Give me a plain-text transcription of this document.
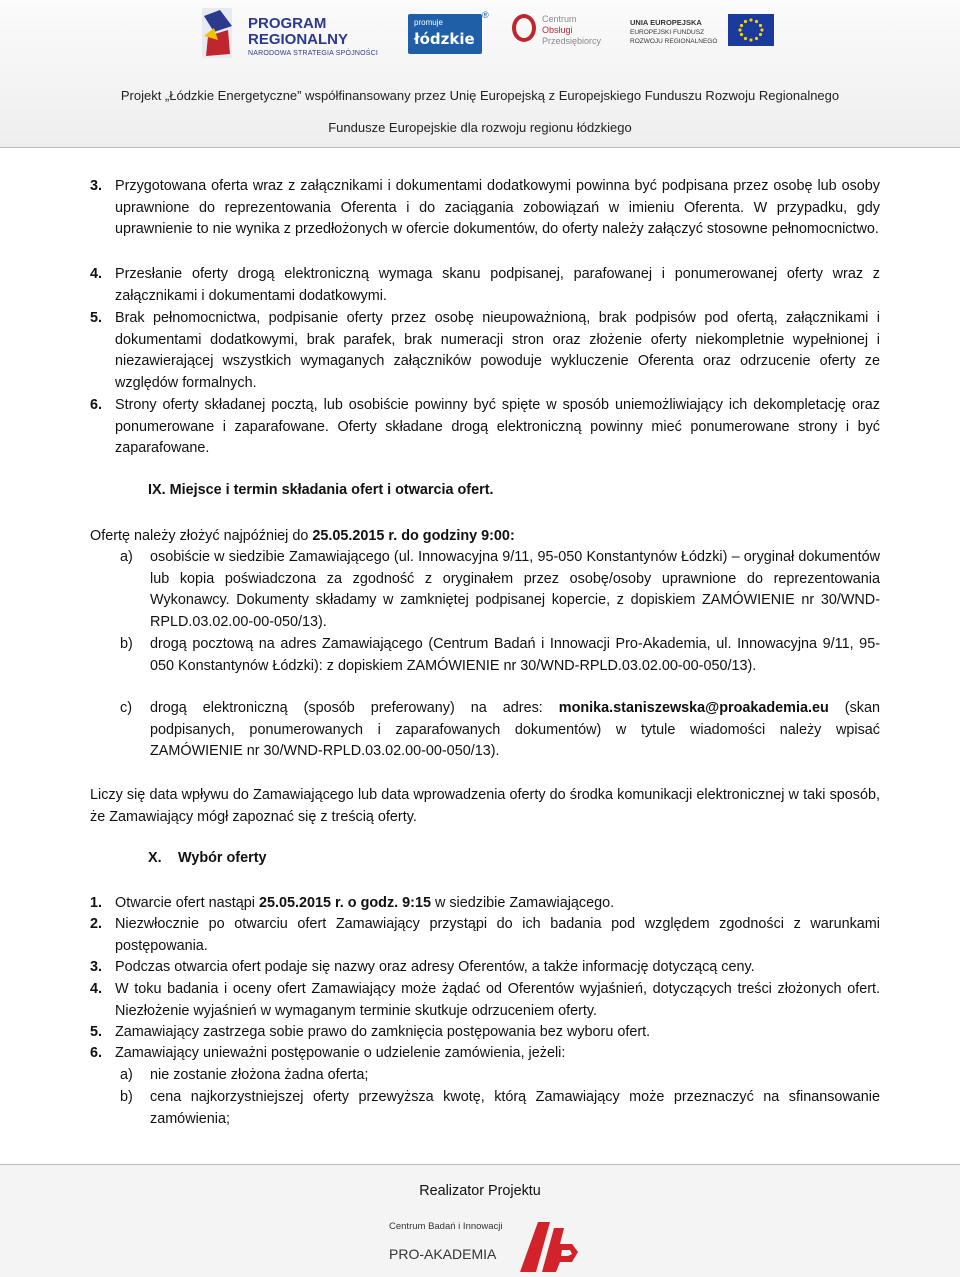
PROGRAM
REGIONALNY
NARODOWA STRATEGIA SPÓJNOŚCI
promuje
łódzkie
®	Centrum
Obsługi
Przedsiębiorcy
UNIA EUROPEJSKA
EUROPEJSKI FUNDUSZ
ROZWOJU REGIONALNEGO
Projekt „Łódzkie Energetyczne” współfinansowany przez Unię Europejską z Europejskiego Funduszu Rozwoju Regionalnego
Fundusze Europejskie dla rozwoju regionu łódzkiego
3. Przygotowana oferta wraz z załącznikami i dokumentami dodatkowymi powinna być podpisana przez osobę lub osoby uprawnione do reprezentowania Oferenta i do zaciągania zobowiązań w imieniu Oferenta. W przypadku, gdy uprawnienie to nie wynika z przedłożonych w ofercie dokumentów, do oferty należy załączyć stosowne pełnomocnictwo.
4. Przesłanie oferty drogą elektroniczną wymaga skanu podpisanej, parafowanej i ponumerowanej oferty wraz z załącznikami i dokumentami dodatkowymi.
5. Brak pełnomocnictwa, podpisanie oferty przez osobę nieupoważnioną, brak podpisów pod ofertą, załącznikami i dokumentami dodatkowymi, brak parafek, brak numeracji stron oraz złożenie oferty niekompletnie wypełnionej i niezawierającej wszystkich wymaganych załączników powoduje wykluczenie Oferenta oraz odrzucenie oferty ze względów formalnych.
6. Strony oferty składanej pocztą, lub osobiście powinny być spięte w sposób uniemożliwiający ich dekompletację oraz ponumerowane i zaparafowane. Oferty składane drogą elektroniczną powinny mieć ponumerowane strony i być zaparafowane.
IX. Miejsce i termin składania ofert i otwarcia ofert.
Ofertę należy złożyć najpóźniej do 25.05.2015 r. do godziny 9:00:
a) osobiście w siedzibie Zamawiającego (ul. Innowacyjna 9/11, 95-050 Konstantynów Łódzki) – oryginał dokumentów lub kopia poświadczona za zgodność z oryginałem przez osobę/osoby uprawnione do reprezentowania Wykonawcy. Dokumenty składamy w zamkniętej podpisanej kopercie, z dopiskiem ZAMÓWIENIE nr 30/WND-RPLD.03.02.00-00-050/13).
b) drogą pocztową na adres Zamawiającego (Centrum Badań i Innowacji Pro-Akademia, ul. Innowacyjna 9/11, 95-050 Konstantynów Łódzki): z dopiskiem ZAMÓWIENIE nr 30/WND-RPLD.03.02.00-00-050/13).
c) drogą elektroniczną (sposób preferowany) na adres: monika.staniszewska@proakademia.eu (skan podpisanych, ponumerowanych i zaparafowanych dokumentów) w tytule wiadomości należy wpisać ZAMÓWIENIE nr 30/WND-RPLD.03.02.00-00-050/13).
Liczy się data wpływu do Zamawiającego lub data wprowadzenia oferty do środka komunikacji elektronicznej w taki sposób, że Zamawiający mógł zapoznać się z treścią oferty.
X. Wybór oferty
1. Otwarcie ofert nastąpi 25.05.2015 r. o godz. 9:15 w siedzibie Zamawiającego.
2. Niezwłocznie po otwarciu ofert Zamawiający przystąpi do ich badania pod względem zgodności z warunkami postępowania.
3. Podczas otwarcia ofert podaje się nazwy oraz adresy Oferentów, a także informację dotyczącą ceny.
4. W toku badania i oceny ofert Zamawiający może żądać od Oferentów wyjaśnień, dotyczących treści złożonych ofert. Niezłożenie wyjaśnień w wymaganym terminie skutkuje odrzuceniem oferty.
5. Zamawiający zastrzega sobie prawo do zamknięcia postępowania bez wyboru ofert.
6. Zamawiający unieważni postępowanie o udzielenie zamówienia, jeżeli:
a) nie zostanie złożona żadna oferta;
b) cena najkorzystniejszej oferty przewyższa kwotę, którą Zamawiający może przeznaczyć na sfinansowanie zamówienia;
Realizator Projektu
Centrum Badań i Innowacji
PRO-AKADEMIA
